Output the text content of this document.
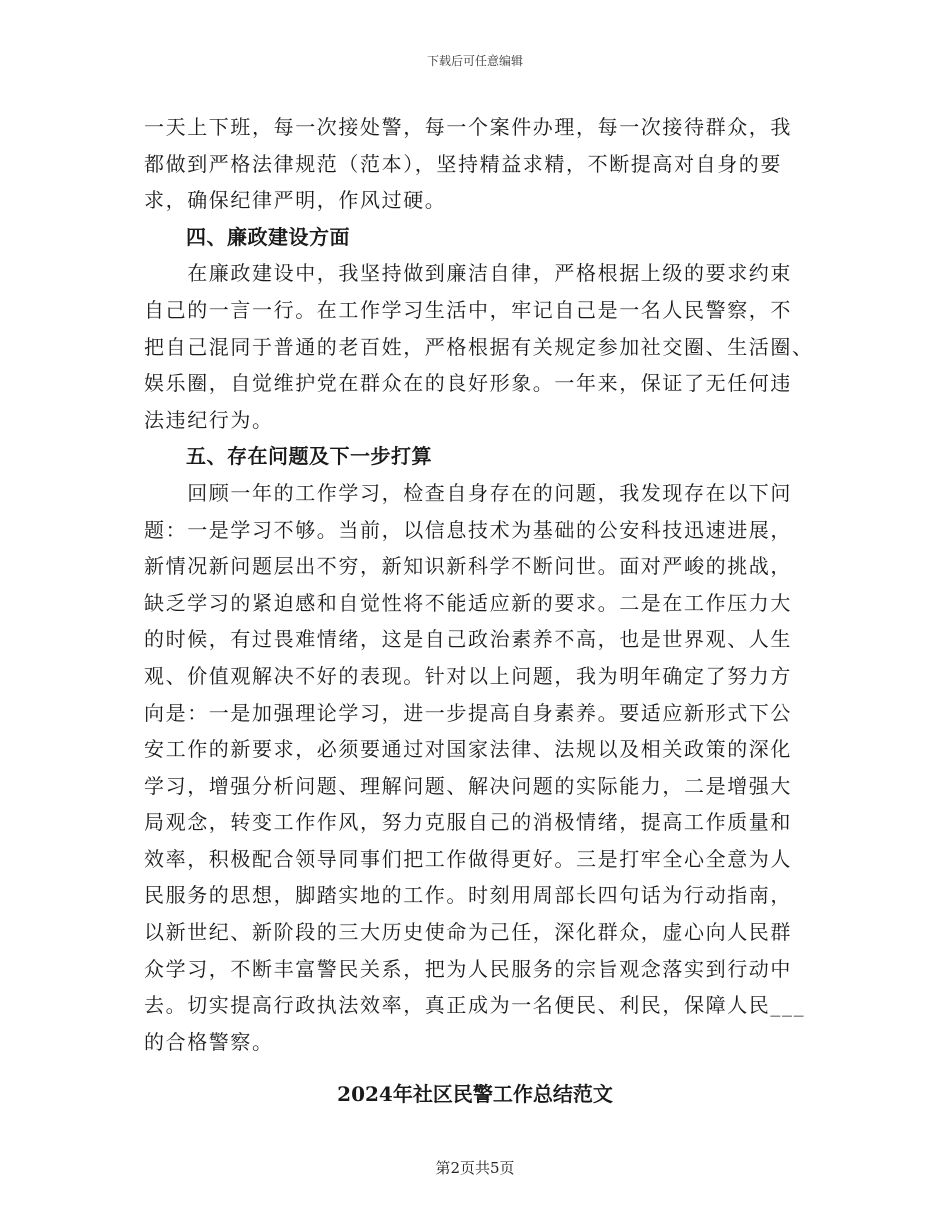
下载后可任意编辑
一天上下班，每一次接处警，每一个案件办理，每一次接待群众，我
都做到严格法律规范（范本），坚持精益求精，不断提高对自身的要
求，确保纪律严明，作风过硬。
四、廉政建设方面
　　在廉政建设中，我坚持做到廉洁自律，严格根据上级的要求约束
自己的一言一行。在工作学习生活中，牢记自己是一名人民警察，不
把自己混同于普通的老百姓，严格根据有关规定参加社交圈、生活圈、
娱乐圈，自觉维护党在群众在的良好形象。一年来，保证了无任何违
法违纪行为。
五、存在问题及下一步打算
　　回顾一年的工作学习，检查自身存在的问题，我发现存在以下问
题：一是学习不够。当前，以信息技术为基础的公安科技迅速进展，
新情况新问题层出不穷，新知识新科学不断问世。面对严峻的挑战，
缺乏学习的紧迫感和自觉性将不能适应新的要求。二是在工作压力大
的时候，有过畏难情绪，这是自己政治素养不高，也是世界观、人生
观、价值观解决不好的表现。针对以上问题，我为明年确定了努力方
向是：一是加强理论学习，进一步提高自身素养。要适应新形式下公
安工作的新要求，必须要通过对国家法律、法规以及相关政策的深化
学习，增强分析问题、理解问题、解决问题的实际能力，二是增强大
局观念，转变工作作风，努力克服自己的消极情绪，提高工作质量和
效率，积极配合领导同事们把工作做得更好。三是打牢全心全意为人
民服务的思想，脚踏实地的工作。时刻用周部长四句话为行动指南，
以新世纪、新阶段的三大历史使命为己任，深化群众，虚心向人民群
众学习，不断丰富警民关系，把为人民服务的宗旨观念落实到行动中
去。切实提高行政执法效率，真正成为一名便民、利民，保障人民___
的合格警察。
2024年社区民警工作总结范文
第2页共5页
